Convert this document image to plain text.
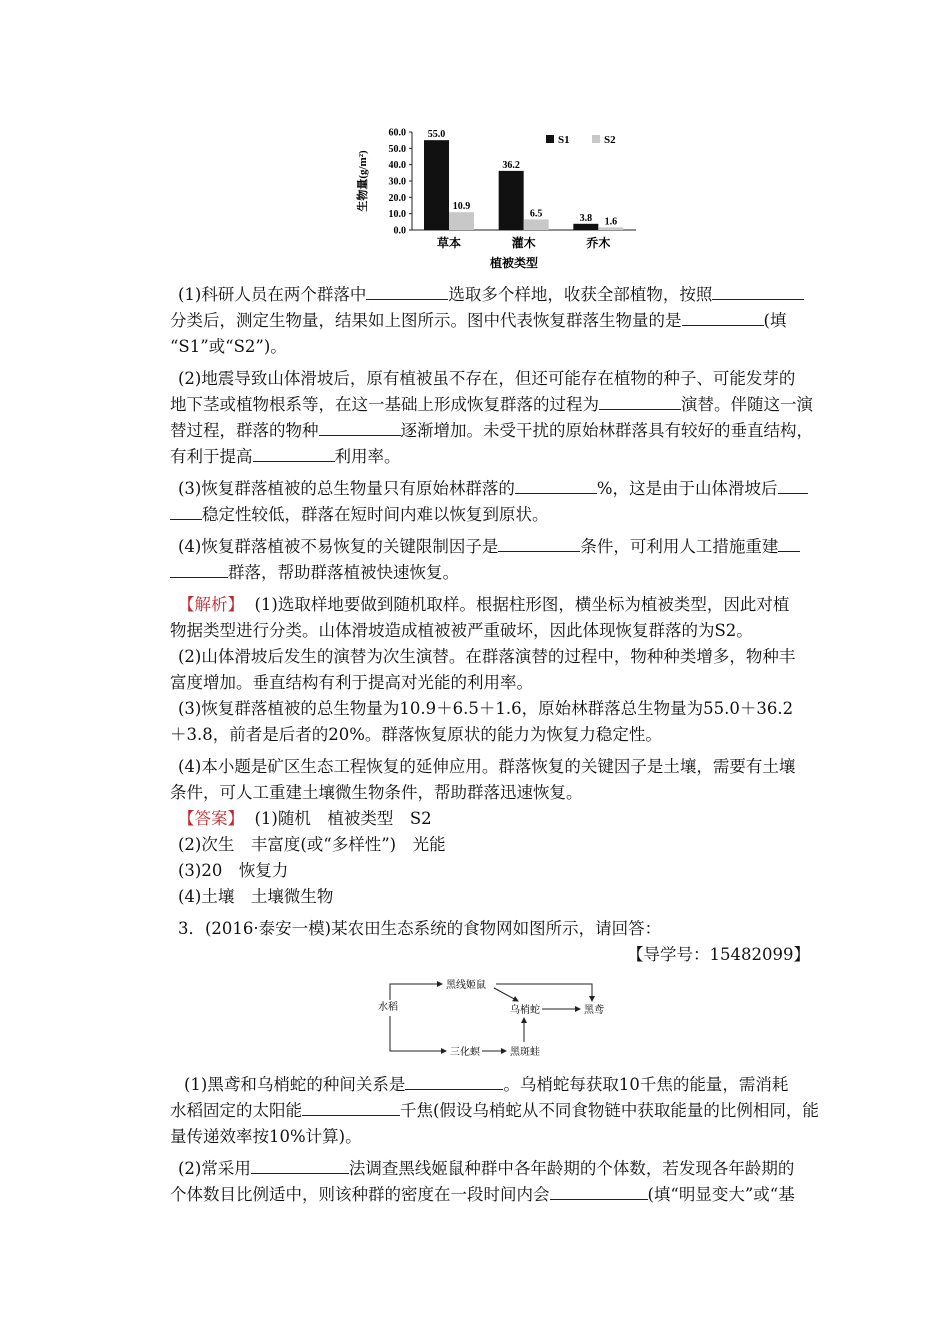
60.0
50.0
40.0
30.0
20.0
10.0
0.0
生物量(g/m²)
55.0
10.9
草本
36.2
6.5
灌木
3.8 1.6
乔木
植被类型
S1	S2
(1)科研人员在两个群落中	选取多个样地，收获全部植物，按照
分类后，测定生物量，结果如上图所示。图中代表恢复群落生物量的是	(填
“S1”或“S2”)。
(2)地震导致山体滑坡后，原有植被虽不存在，但还可能存在植物的种子、可能发芽的
地下茎或植物根系等，在这一基础上形成恢复群落的过程为	演替。伴随这一演
替过程，群落的物种	逐渐增加。未受干扰的原始林群落具有较好的垂直结构，
有利于提高	利用率。
(3)恢复群落植被的总生物量只有原始林群落的	%，这是由于山体滑坡后
稳定性较低，群落在短时间内难以恢复到原状。
(4)恢复群落植被不易恢复的关键限制因子是	条件，可利用人工措施重建
群落，帮助群落植被快速恢复。
【解析】 (1)选取样地要做到随机取样。根据柱形图，横坐标为植被类型，因此对植
物据类型进行分类。山体滑坡造成植被被严重破坏，因此体现恢复群落的为S2。
(2)山体滑坡后发生的演替为次生演替。在群落演替的过程中，物种种类增多，物种丰
富度增加。垂直结构有利于提高对光能的利用率。
(3)恢复群落植被的总生物量为10.9＋6.5＋1.6，原始林群落总生物量为55.0＋36.2
＋3.8，前者是后者的20%。群落恢复原状的能力为恢复力稳定性。
(4)本小题是矿区生态工程恢复的延伸应用。群落恢复的关键因子是土壤，需要有土壤
条件，可人工重建土壤微生物条件，帮助群落迅速恢复。
【答案】 (1)随机　植被类型　S2
(2)次生　丰富度(或“多样性”)　光能
(3)20　恢复力
(4)土壤　土壤微生物
3．(2016·泰安一模)某农田生态系统的食物网如图所示，请回答：
【导学号：15482099】
水稻
黑线姬鼠
乌梢蛇	黑鸢
三化螟	黑斑蛙
(1)黑鸢和乌梢蛇的种间关系是	。乌梢蛇每获取10千焦的能量，需消耗
水稻固定的太阳能	千焦(假设乌梢蛇从不同食物链中获取能量的比例相同，能
量传递效率按10%计算)。
(2)常采用	法调查黑线姬鼠种群中各年龄期的个体数，若发现各年龄期的
个体数目比例适中，则该种群的密度在一段时间内会	(填“明显变大”或“基
